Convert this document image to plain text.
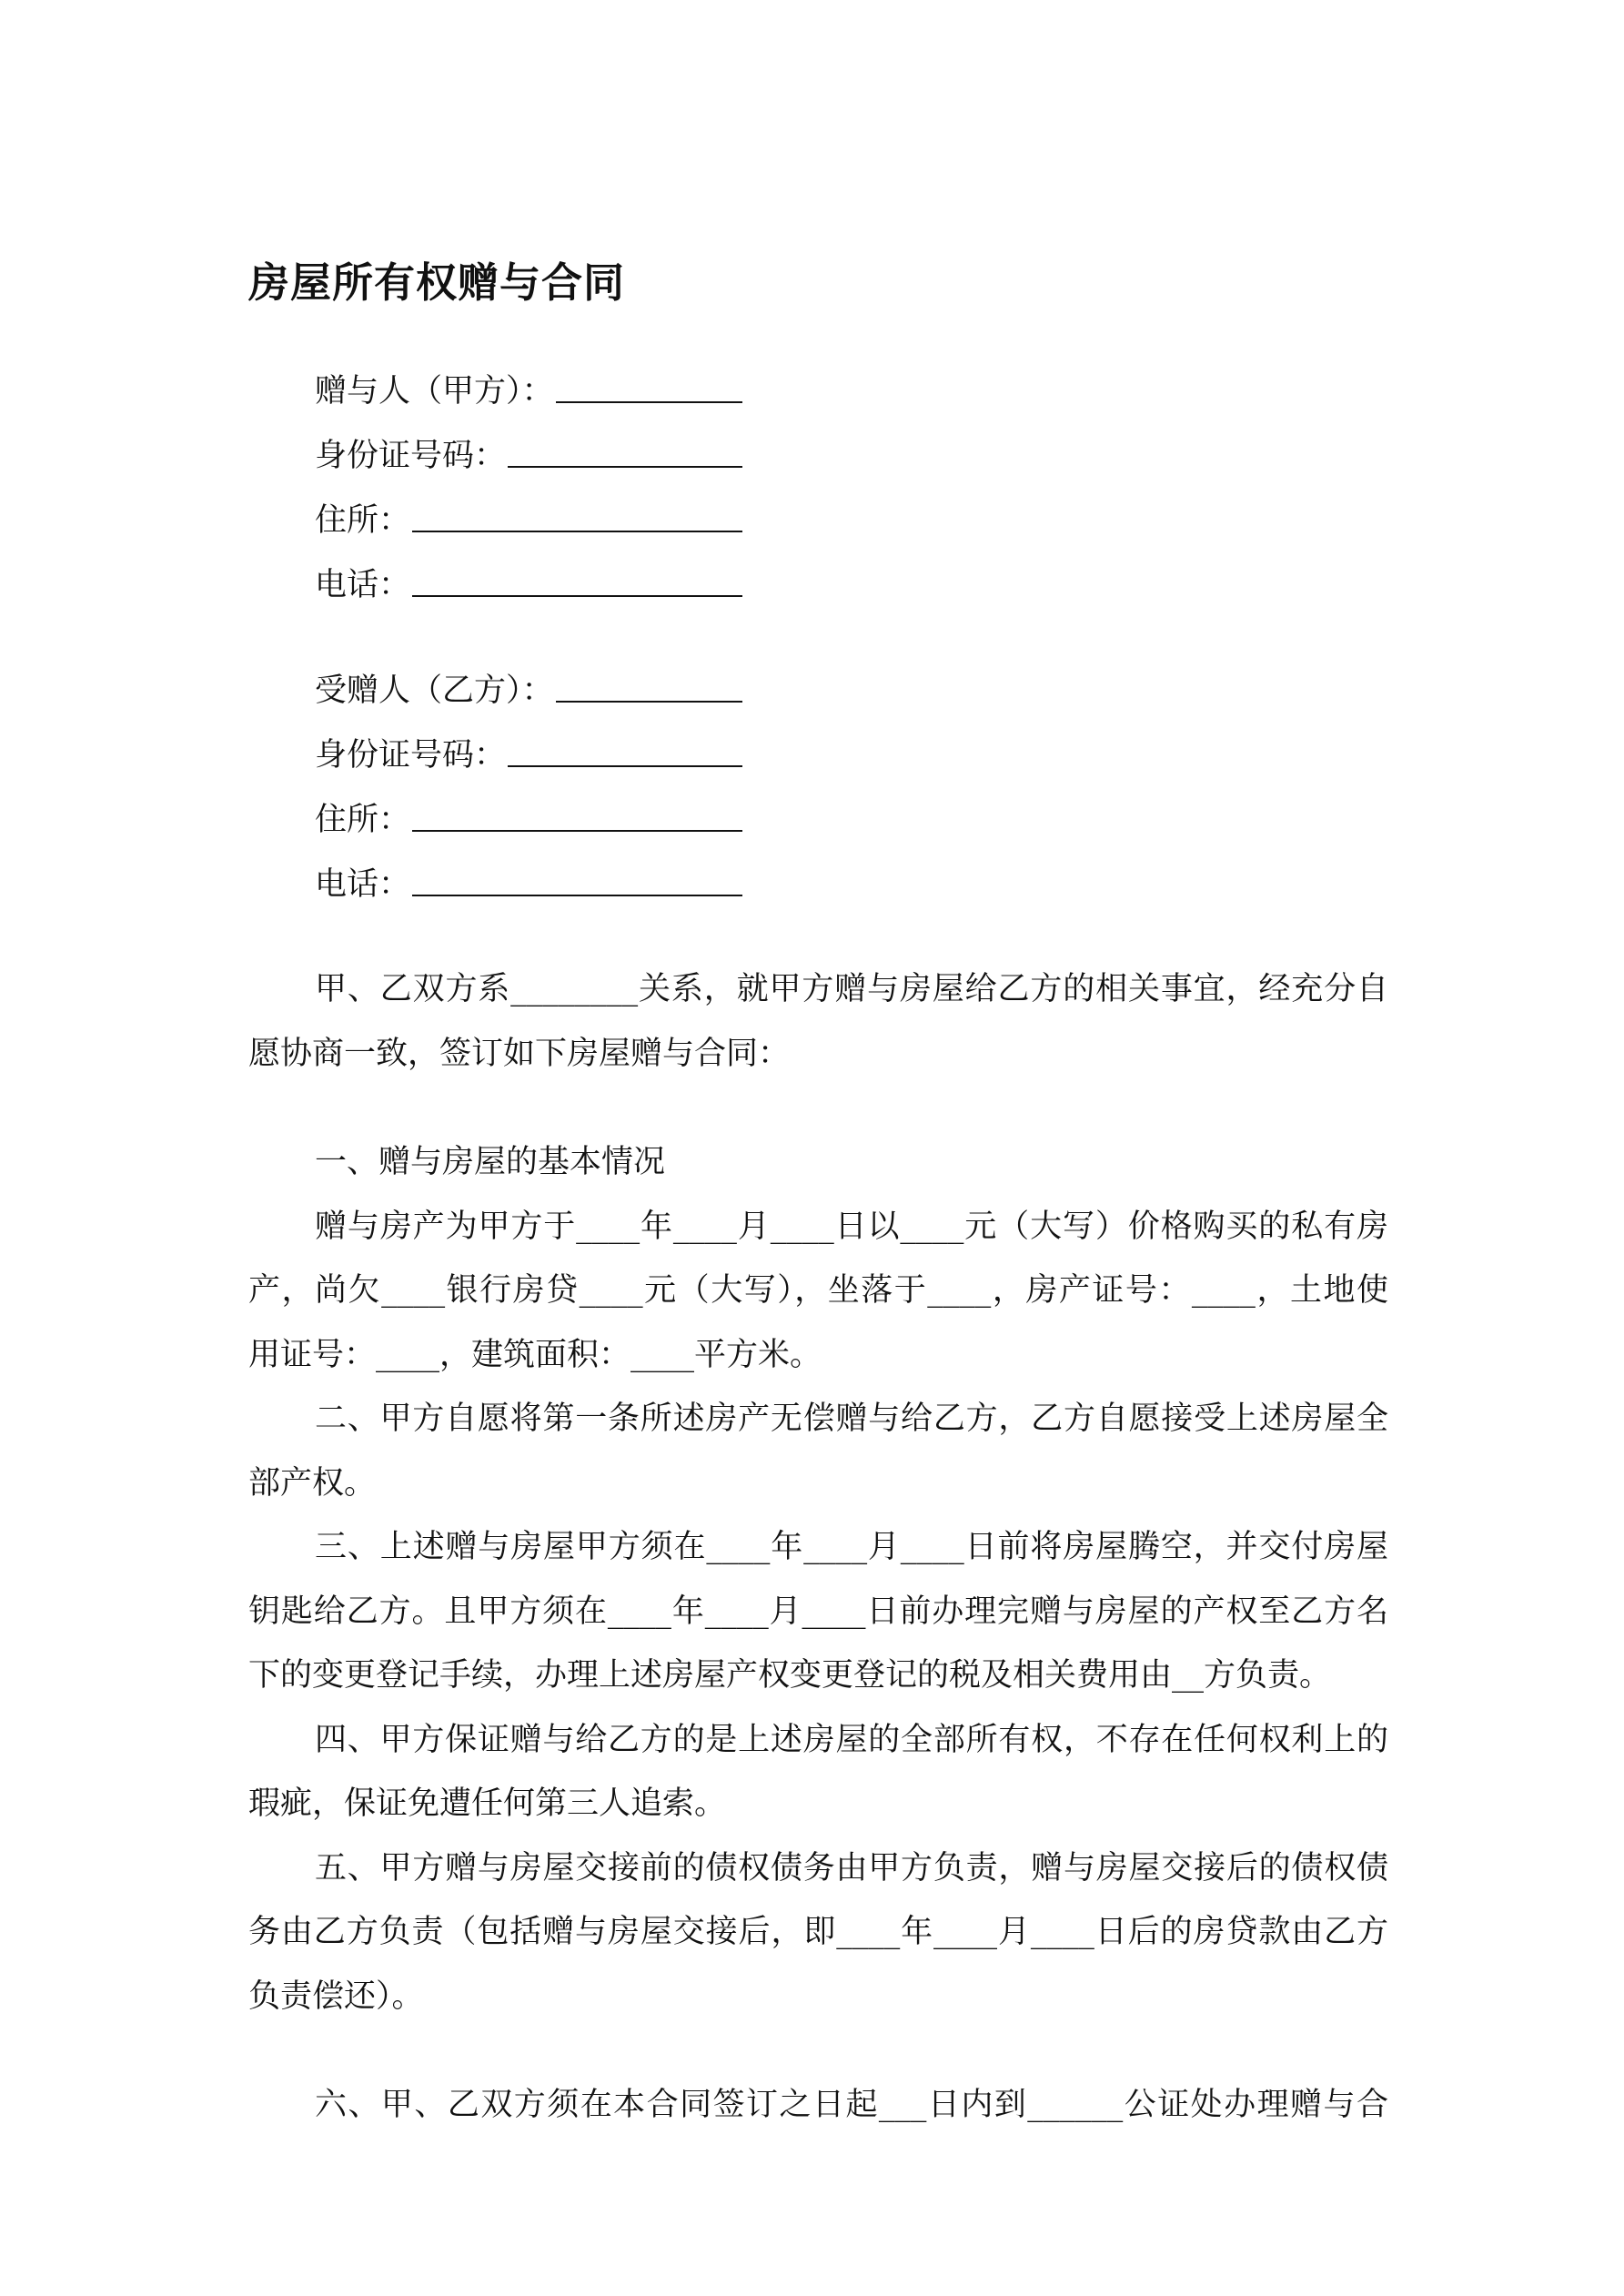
房屋所有权赠与合同
赠与人（甲方）：
身份证号码：
住所：
电话：
受赠人（乙方）：
身份证号码：
住所：
电话：
甲、乙双方系________关系，就甲方赠与房屋给乙方的相关事宜，经充分自
愿协商一致，签订如下房屋赠与合同：
一、赠与房屋的基本情况
赠与房产为甲方于____年____月____日以____元（大写）价格购买的私有房
产，尚欠____银行房贷____元（大写），坐落于____，房产证号：____，土地使
用证号：____，建筑面积：____平方米。
二、甲方自愿将第一条所述房产无偿赠与给乙方，乙方自愿接受上述房屋全
部产权。
三、上述赠与房屋甲方须在____年____月____日前将房屋腾空，并交付房屋
钥匙给乙方。且甲方须在____年____月____日前办理完赠与房屋的产权至乙方名
下的变更登记手续，办理上述房屋产权变更登记的税及相关费用由__方负责。
四、甲方保证赠与给乙方的是上述房屋的全部所有权，不存在任何权利上的
瑕疵，保证免遭任何第三人追索。
五、甲方赠与房屋交接前的债权债务由甲方负责，赠与房屋交接后的债权债
务由乙方负责（包括赠与房屋交接后，即____年____月____日后的房贷款由乙方
负责偿还）。
六、甲、乙双方须在本合同签订之日起___日内到______公证处办理赠与合
